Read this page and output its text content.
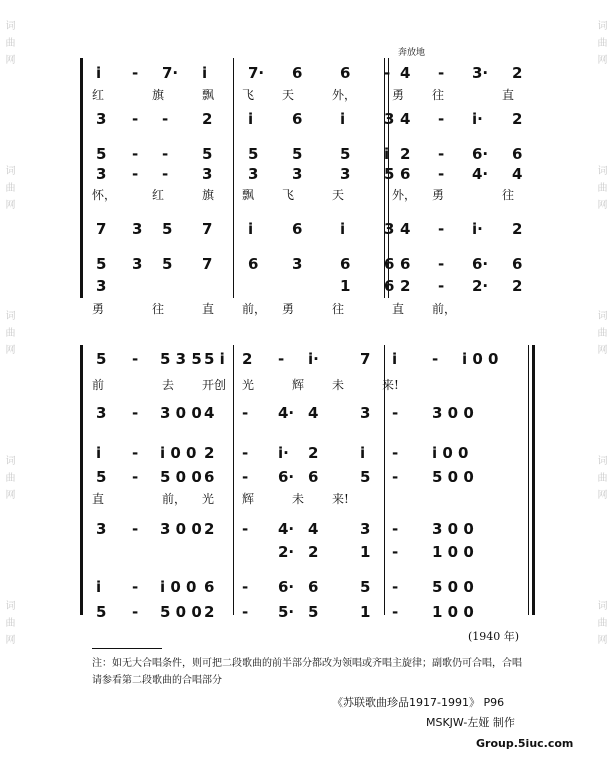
词 曲 网
词 曲 网
词 曲 网
词 曲 网
词 曲 网
词 曲 网
词 曲 网
词 曲 网
词 曲 网
词 曲 网
奔放地
i - 7· i	7· 6	6 - 4 - 3· 2
3 - - 2 i	6	i	3 4 - i· 2
5 - - 5 5 5	5 i 2 - 6· 6
3 - - 3 3 3	3 5 6 - 4· 4
7 3 5 7 i	6	i	3 4 - i· 2
5 3 5 7 6 3	6 6 6 - 6· 6
3	1 6 2 - 2· 2
红	旗	飘 飞 天	外，	勇 往	直
怀，	红	旗 飘 飞	天	外， 勇	往
勇	往	直 前， 勇	往	直 前，
5 - 5 3 5 5 i 2 - i·	7 i - i 0 0
3 - 3 0 0 4 - 4· 4	3 - 3 0 0
i - i 0 0 2 - i· 2	i - i 0 0
5 - 5 0 0 6 - 6· 6	5 - 5 0 0
3 - 3 0 0 2 - 4· 4	3 - 3 0 0
2· 2	1 - 1 0 0
i - i 0 0 6 - 6· 6	5 - 5 0 0
5 - 5 0 0 2 - 5· 5	1 - 1 0 0
前	去 开创 光	辉 未	来!
直	前， 光 辉	未 来!
(1940 年)
注：如无大合唱条件，则可把二段歌曲的前半部分都改为领唱或齐唱主旋律；副歌仍可合唱，合唱请参看第二段歌曲的合唱部分
《苏联歌曲珍品1917-1991》 P96
MSKJW-左娅 制作
Group.5iuc.com
